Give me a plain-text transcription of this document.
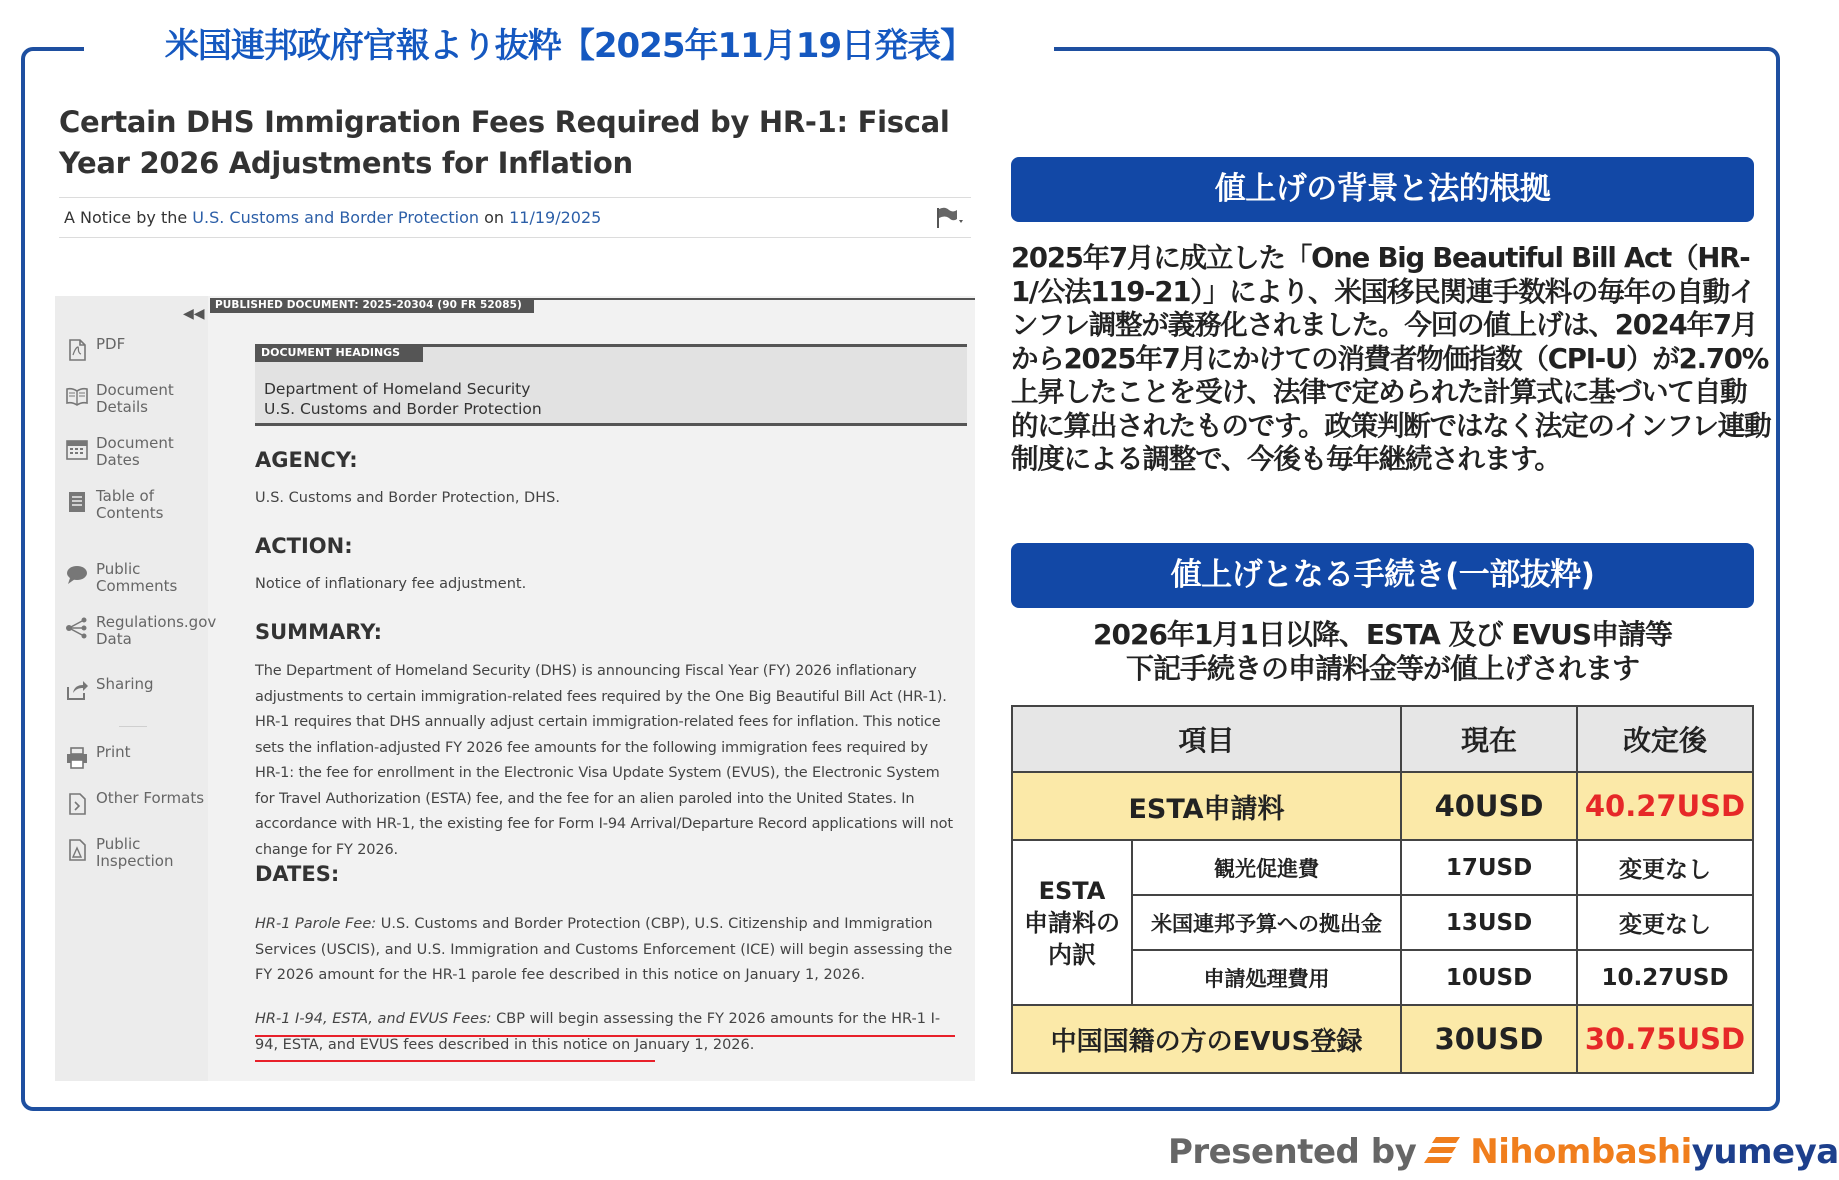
米国連邦政府官報より抜粋【2025年11月19日発表】
Certain DHS Immigration Fees Required by HR-1: Fiscal Year 2026 Adjustments for Inflation
A Notice by the U.S. Customs and Border Protection on 11/19/2025
◀◀
PDF
Document
Details
Document
Dates
Table of
Contents
Public
Comments
Regulations.gov
Data
Sharing
Print
Other Formats
Public
Inspection
PUBLISHED DOCUMENT: 2025-20304 (90 FR 52085)
DOCUMENT HEADINGS
Department of Homeland Security
U.S. Customs and Border Protection
AGENCY:
U.S. Customs and Border Protection, DHS.
ACTION:
Notice of inflationary fee adjustment.
SUMMARY:
The Department of Homeland Security (DHS) is announcing Fiscal Year (FY) 2026 inflationary adjustments to certain immigration-related fees required by the One Big Beautiful Bill Act (HR-1). HR-1 requires that DHS annually adjust certain immigration-related fees for inflation. This notice sets the inflation-adjusted FY 2026 fee amounts for the following immigration fees required by HR-1: the fee for enrollment in the Electronic Visa Update System (EVUS), the Electronic System for Travel Authorization (ESTA) fee, and the fee for an alien paroled into the United States. In accordance with HR-1, the existing fee for Form I-94 Arrival/Departure Record applications will not change for FY 2026.
DATES:
HR-1 Parole Fee: U.S. Customs and Border Protection (CBP), U.S. Citizenship and Immigration Services (USCIS), and U.S. Immigration and Customs Enforcement (ICE) will begin assessing the FY 2026 amount for the HR-1 parole fee described in this notice on January 1, 2026.
HR-1 I-94, ESTA, and EVUS Fees: CBP will begin assessing the FY 2026 amounts for the HR-1 I-94, ESTA, and EVUS fees described in this notice on January 1, 2026.
値上げの背景と法的根拠
2025年7月に成立した「One Big Beautiful Bill Act（HR-1/公法119-21）」により、米国移民関連手数料の毎年の自動インフレ調整が義務化されました。今回の値上げは、2024年7月から2025年7月にかけての消費者物価指数（CPI-U）が2.70%上昇したことを受け、法律で定められた計算式に基づいて自動的に算出されたものです。政策判断ではなく法定のインフレ連動制度による調整で、今後も毎年継続されます。
値上げとなる手続き(一部抜粋)
2026年1月1日以降、ESTA 及び EVUS申請等
下記手続きの申請料金等が値上げされます
項目		現在	改定後
ESTA申請料		40USD	40.27USD
ESTA
申請料の
内訳	観光促進費	17USD	変更なし
	米国連邦予算への拠出金	13USD	変更なし
	申請処理費用	10USD	10.27USD
中国国籍の方のEVUS登録		30USD	30.75USD
Presented by Nihombashiyumeya
